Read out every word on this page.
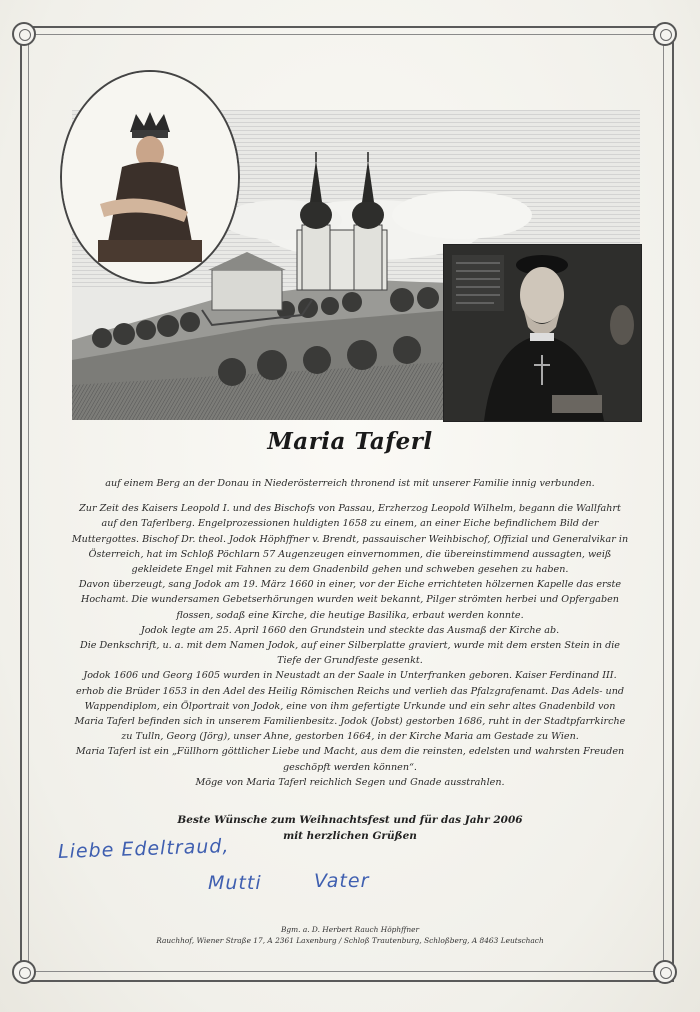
Maria Taferl

auf einem Berg an der Donau in Niederösterreich thronend ist mit unserer Familie innig verbunden.

Zur Zeit des Kaisers Leopold I. und des Bischofs von Passau, Erzherzog Leopold Wilhelm, begann die Wallfahrt auf den Taferlberg. Engelprozessionen huldigten 1658 zu einem, an einer Eiche befindlichem Bild der Muttergottes. Bischof Dr. theol. Jodok Höphffner v. Brendt, passauischer Weihbischof, Offizial und Generalvikar in Österreich, hat im Schloß Pöchlarn 57 Augenzeugen einvernommen, die übereinstimmend aussagten, weiß gekleidete Engel mit Fahnen zu dem Gnadenbild gehen und schweben gesehen zu haben.

Davon überzeugt, sang Jodok am 19. März 1660 in einer, vor der Eiche errichteten hölzernen Kapelle das erste Hochamt. Die wundersamen Gebetserhörungen wurden weit bekannt, Pilger strömten herbei und Opfergaben flossen, sodaß eine Kirche, die heutige Basilika, erbaut werden konnte.

Jodok legte am 25. April 1660 den Grundstein und steckte das Ausmaß der Kirche ab.

Die Denkschrift, u. a. mit dem Namen Jodok, auf einer Silberplatte graviert, wurde mit dem ersten Stein in die Tiefe der Grundfeste gesenkt.

Jodok 1606 und Georg 1605 wurden in Neustadt an der Saale in Unterfranken geboren. Kaiser Ferdinand III. erhob die Brüder 1653 in den Adel des Heilig Römischen Reichs und verlieh das Pfalzgrafenamt. Das Adels- und Wappendiplom, ein Ölportrait von Jodok, eine von ihm gefertigte Urkunde und ein sehr altes Gnadenbild von Maria Taferl befinden sich in unserem Familienbesitz. Jodok (Jobst) gestorben 1686, ruht in der Stadtpfarrkirche zu Tulln, Georg (Jörg), unser Ahne, gestorben 1664, in der Kirche Maria am Gestade zu Wien.

Maria Taferl ist ein „Füllhorn göttlicher Liebe und Macht, aus dem die reinsten, edelsten und wahrsten Freuden geschöpft werden können“.

Möge von Maria Taferl reichlich Segen und Gnade ausstrahlen.

Beste Wünsche zum Weihnachtsfest und für das Jahr 2006

mit herzlichen Grüßen

Liebe Edeltraud,
Mutti	Vater

Bgm. a. D. Herbert Rauch Höphffner

Rauchhof, Wiener Straße 17, A 2361 Laxenburg / Schloß Trautenburg, Schloßberg, A 8463 Leutschach
